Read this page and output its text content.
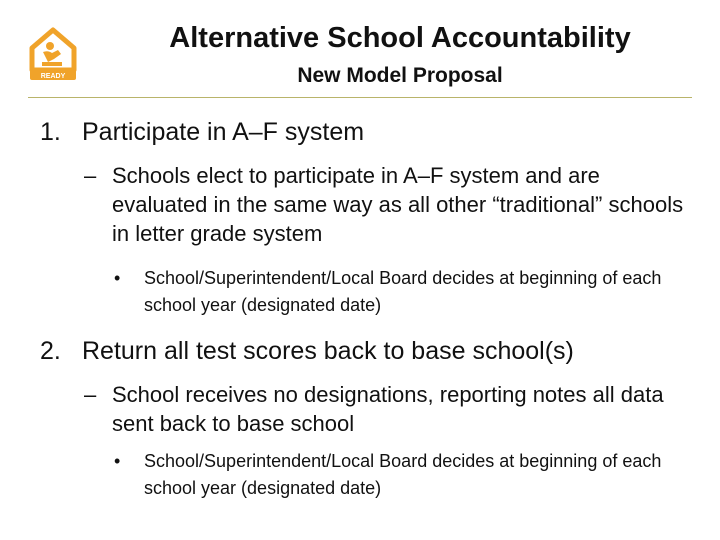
READY
Alternative School Accountability
New Model Proposal
1. Participate in A–F system
– Schools elect to participate in A–F system and are evaluated in the same way as all other “traditional” schools in letter grade system
•	School/Superintendent/Local Board decides at beginning of each school year (designated date)
2. Return all test scores back to base school(s)
– School receives no designations, reporting notes all data sent back to base school
•	School/Superintendent/Local Board decides at beginning of each school year (designated date)
